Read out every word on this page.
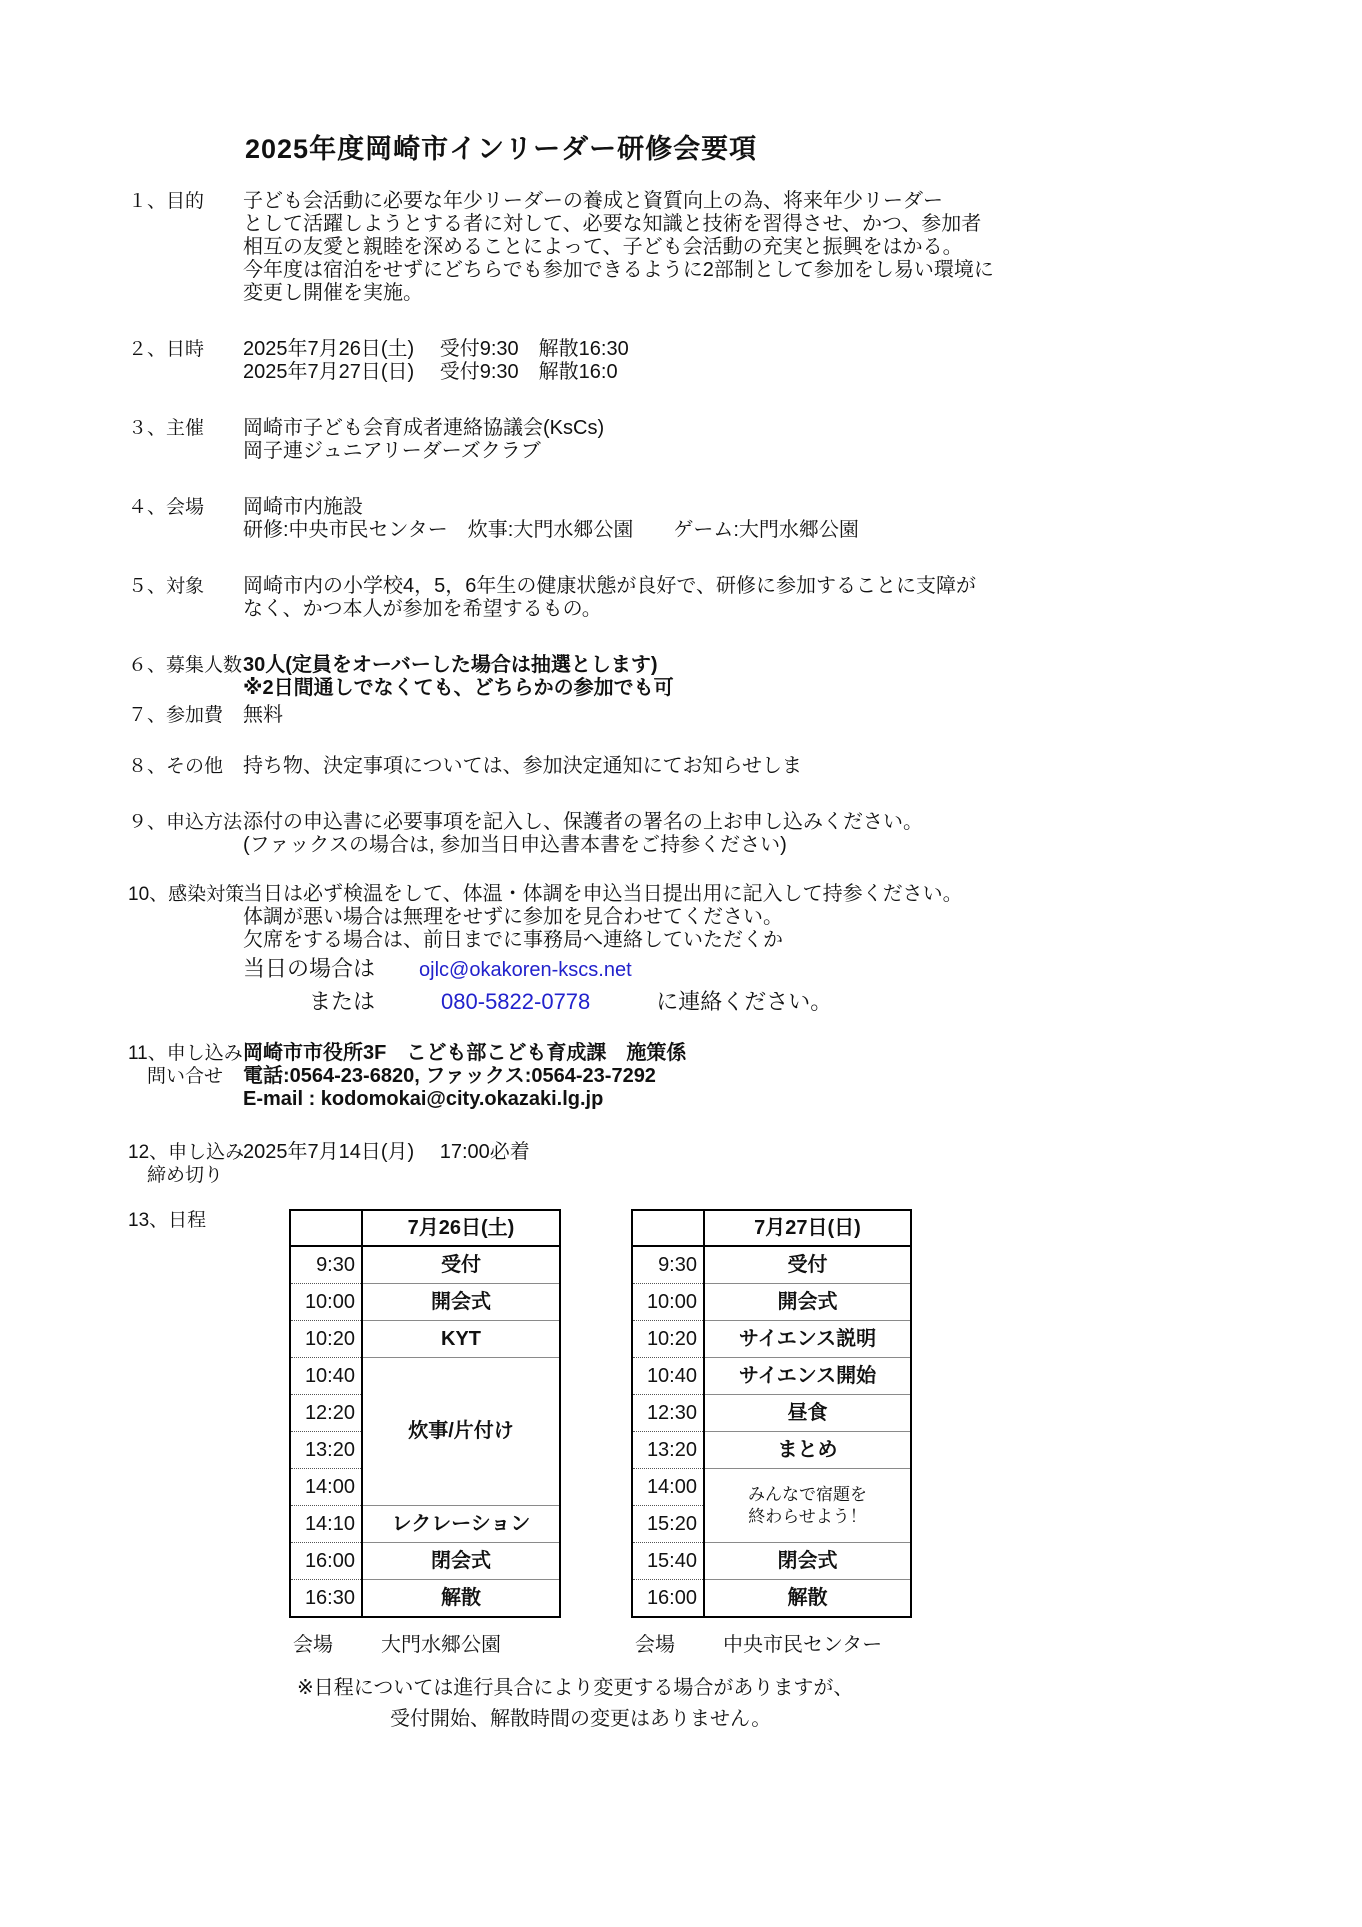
2025年度岡崎市インリーダー研修会要項
１、目的	子ども会活動に必要な年少リーダーの養成と資質向上の為、将来年少リーダー
として活躍しようとする者に対して、必要な知識と技術を習得させ、かつ、参加者
相互の友愛と親睦を深めることによって、子ども会活動の充実と振興をはかる。
今年度は宿泊をせずにどちらでも参加できるように2部制として参加をし易い環境に
変更し開催を実施。
２、日時	2025年7月26日(土)　 受付9:30　解散16:30
2025年7月27日(日)　 受付9:30　解散16:0
３、主催	岡崎市子ども会育成者連絡協議会(KsCs)
岡子連ジュニアリーダーズクラブ
４、会場	岡崎市内施設
研修:中央市民センター　炊事:大門水郷公園　　ゲーム:大門水郷公園
５、対象	岡崎市内の小学校4，5，6年生の健康状態が良好で、研修に参加することに支障が
なく、かつ本人が参加を希望するもの。
６、募集人数 30人(定員をオーバーした場合は抽選とします)
※2日間通しでなくても、どちらかの参加でも可
７、参加費 無料
８、その他 持ち物、決定事項については、参加決定通知にてお知らせしま
９、申込方法 添付の申込書に必要事項を記入し、保護者の署名の上お申し込みください。
(ファックスの場合は, 参加当日申込書本書をご持参ください)
10、感染対策
当日は必ず検温をして、体温・体調を申込当日提出用に記入して持参ください。
体調が悪い場合は無理をせずに参加を見合わせてください。
欠席をする場合は、前日までに事務局へ連絡していただくか
当日の場合は　　ojlc@okakoren-kscs.net
　　　または　　　	080-5822-0778　　　に連絡ください。
11、申し込み
　問い合せ
岡崎市市役所3F　こども部こども育成課　施策係
電話:0564-23-6820, ファックス:0564-23-7292
E-mail : kodomokai@city.okazaki.lg.jp
12、申し込み
　締め切り
2025年7月14日(月)　 17:00必着
13、日程
		7月26日(土)
9:30	受付
10:00	開会式
10:20	KYT
10:40	炊事/片付け
12:20	
13:20	
14:00	
14:10	レクレーション
16:00	閉会式
16:30	解散
会場 大門水郷公園
	7月27日(日)
9:30	受付
10:00	開会式
10:20	サイエンス説明
10:40	サイエンス開始
12:30	昼食
13:20	まとめ
14:00	みんなで宿題を
終わらせよう！

15:20	
15:40	閉会式
16:00	解散
会場 中央市民センター
※日程については進行具合により変更する場合がありますが、
受付開始、解散時間の変更はありません。
